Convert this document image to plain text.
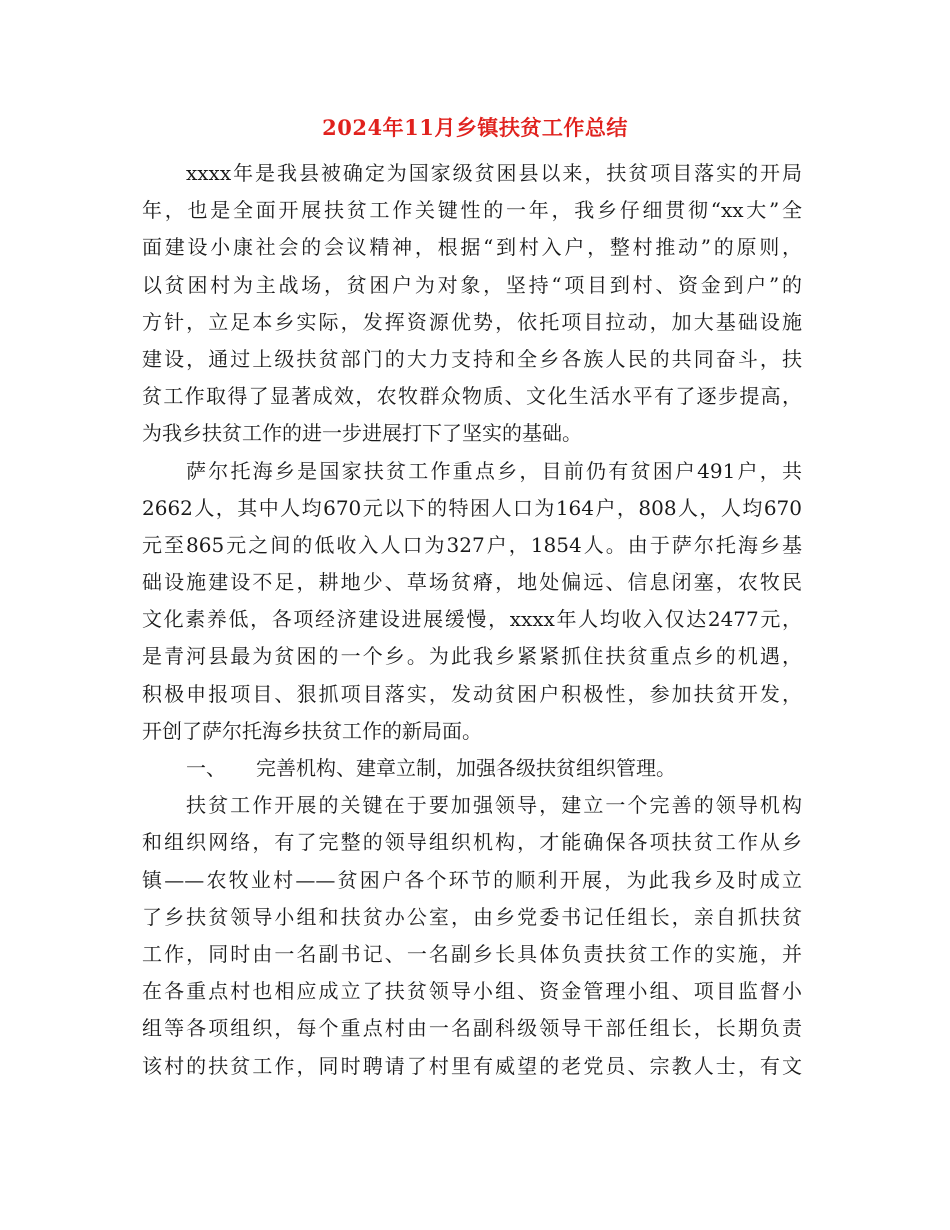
2024年11月乡镇扶贫工作总结
xxxx年是我县被确定为国家级贫困县以来，扶贫项目落实的开局
年，也是全面开展扶贫工作关键性的一年，我乡仔细贯彻“xx大”全
面建设小康社会的会议精神，根据“到村入户，整村推动”的原则，
以贫困村为主战场，贫困户为对象，坚持“项目到村、资金到户”的
方针，立足本乡实际，发挥资源优势，依托项目拉动，加大基础设施
建设，通过上级扶贫部门的大力支持和全乡各族人民的共同奋斗，扶
贫工作取得了显著成效，农牧群众物质、文化生活水平有了逐步提高，
为我乡扶贫工作的进一步进展打下了坚实的基础。
萨尔托海乡是国家扶贫工作重点乡，目前仍有贫困户491户，共
2662人，其中人均670元以下的特困人口为164户，808人，人均670
元至865元之间的低收入人口为327户，1854人。由于萨尔托海乡基
础设施建设不足，耕地少、草场贫瘠，地处偏远、信息闭塞，农牧民
文化素养低，各项经济建设进展缓慢，xxxx年人均收入仅达2477元，
是青河县最为贫困的一个乡。为此我乡紧紧抓住扶贫重点乡的机遇，
积极申报项目、狠抓项目落实，发动贫困户积极性，参加扶贫开发，
开创了萨尔托海乡扶贫工作的新局面。
一、　　完善机构、建章立制，加强各级扶贫组织管理。
扶贫工作开展的关键在于要加强领导，建立一个完善的领导机构
和组织网络，有了完整的领导组织机构，才能确保各项扶贫工作从乡
镇——农牧业村——贫困户各个环节的顺利开展，为此我乡及时成立
了乡扶贫领导小组和扶贫办公室，由乡党委书记任组长，亲自抓扶贫
工作，同时由一名副书记、一名副乡长具体负责扶贫工作的实施，并
在各重点村也相应成立了扶贫领导小组、资金管理小组、项目监督小
组等各项组织，每个重点村由一名副科级领导干部任组长，长期负责
该村的扶贫工作，同时聘请了村里有威望的老党员、宗教人士，有文
